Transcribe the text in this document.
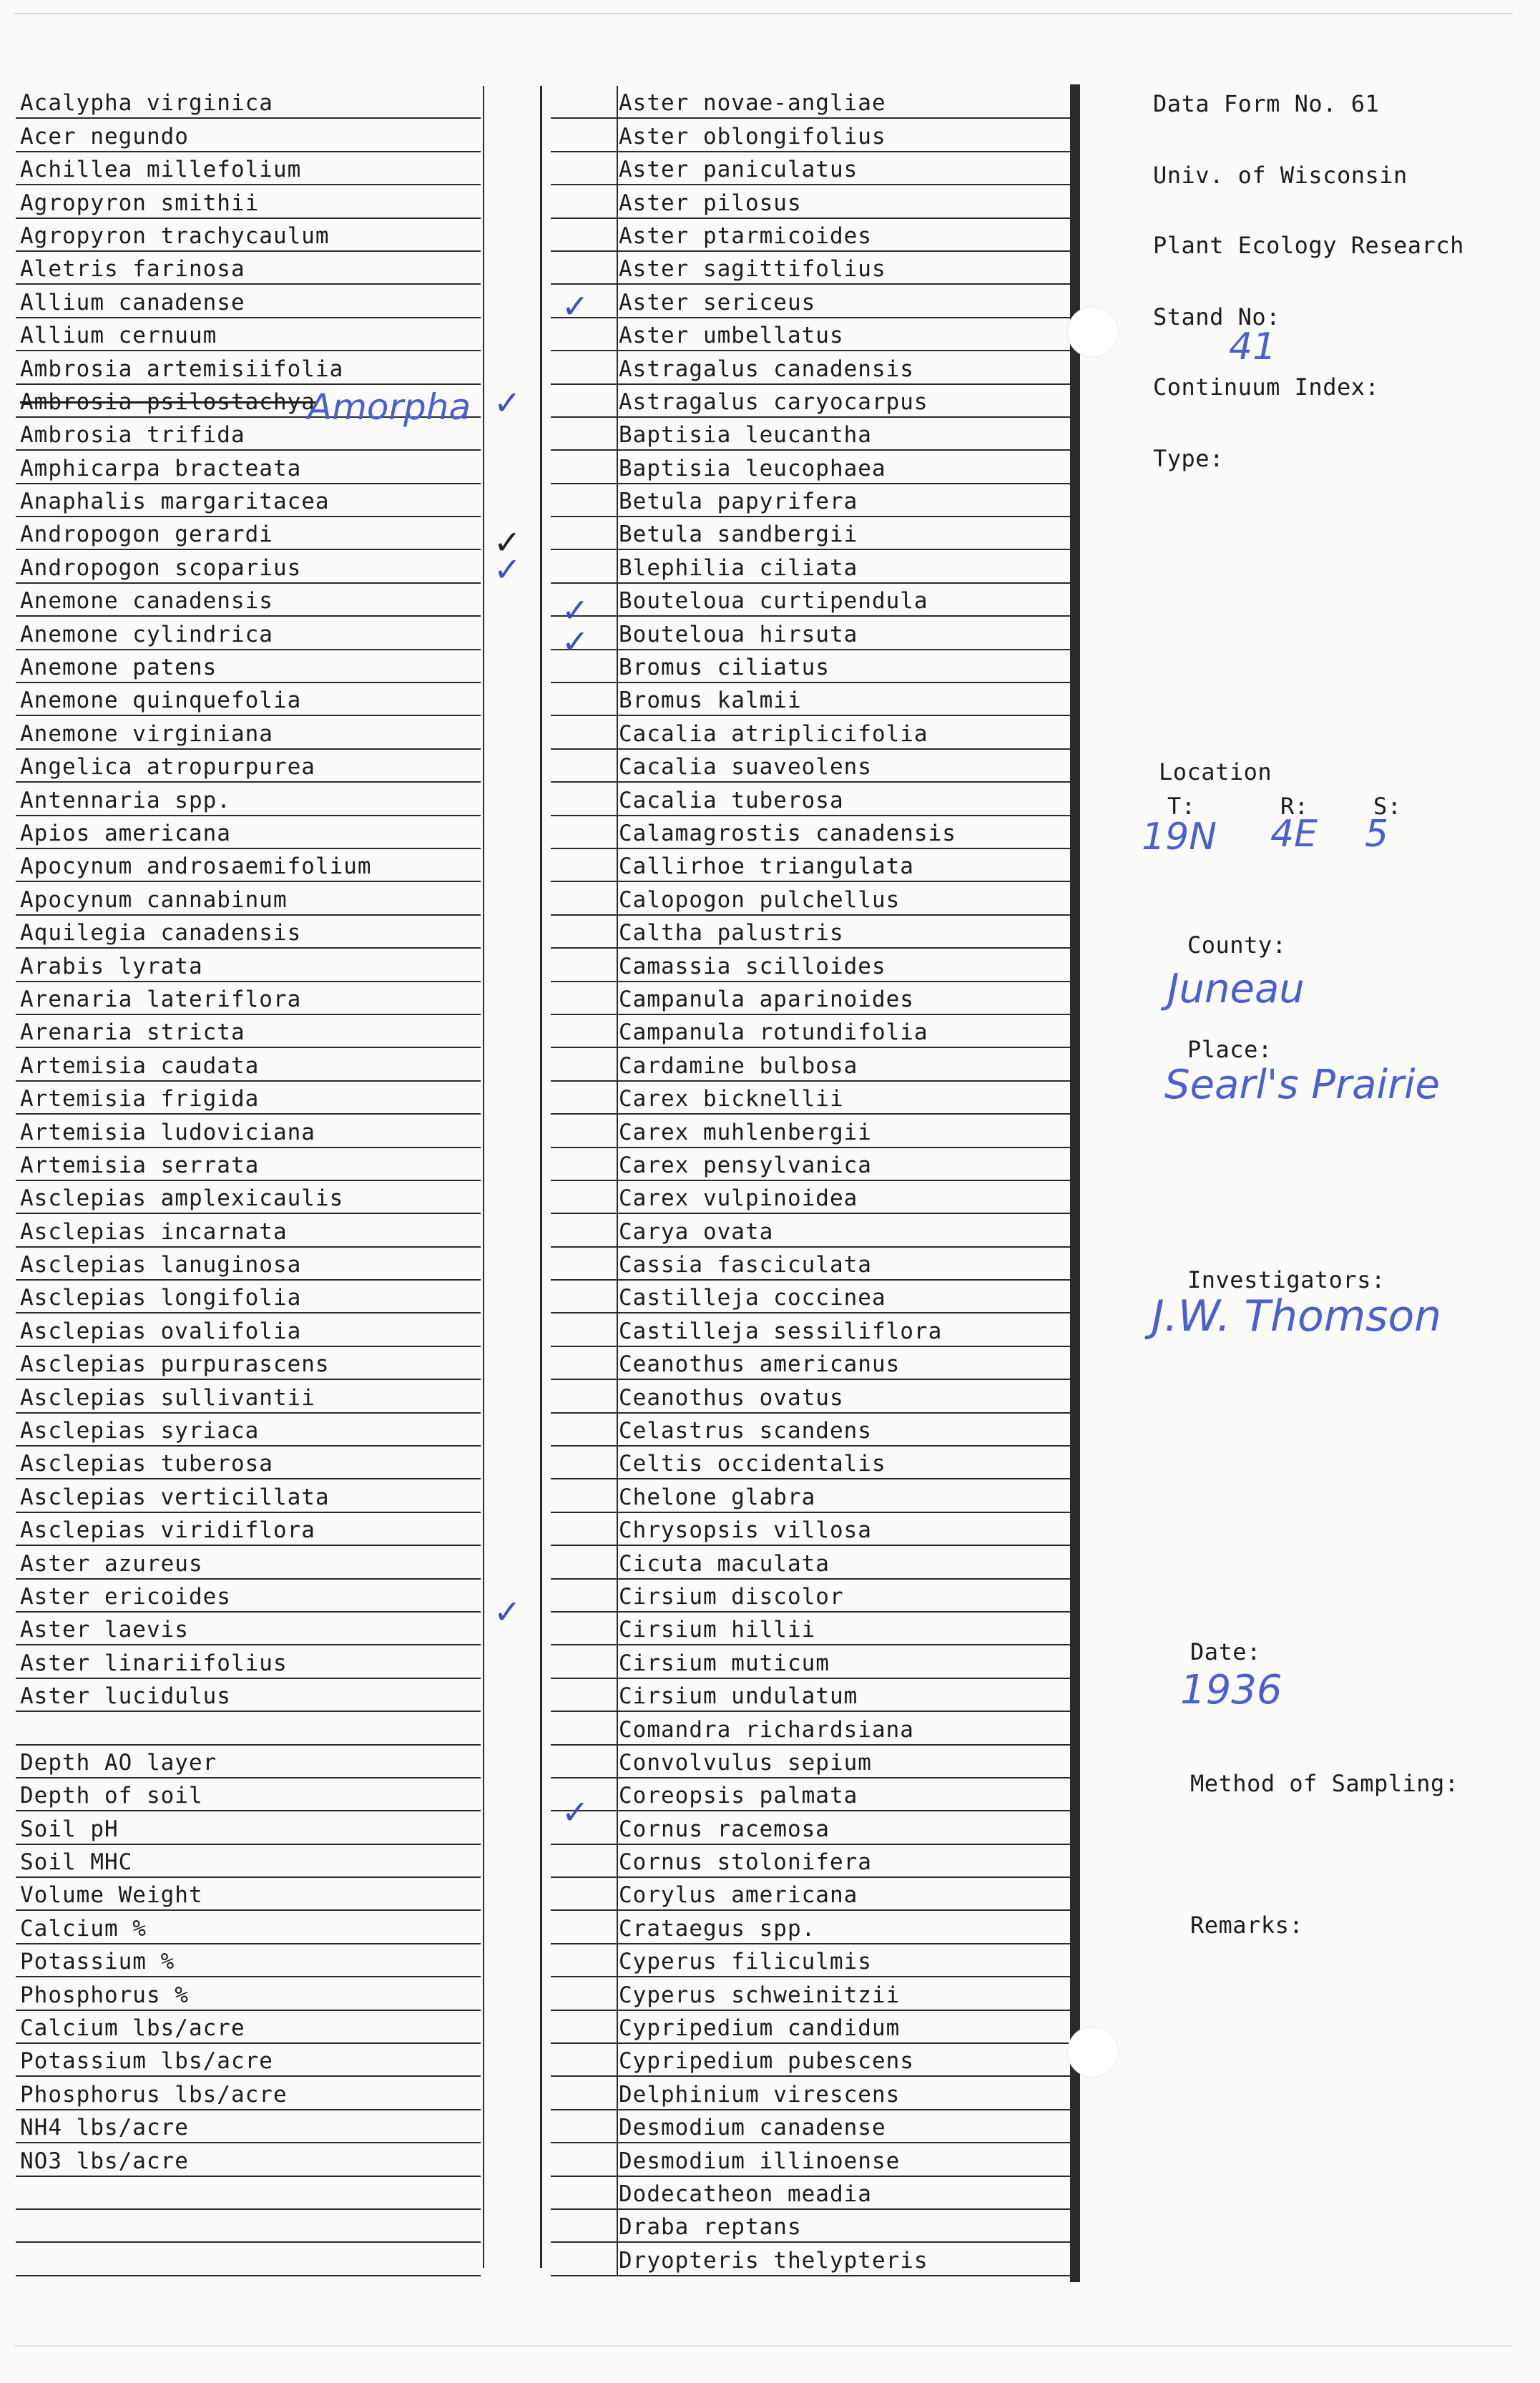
Acalypha virginica
Acer negundo
Achillea millefolium
Agropyron smithii
Agropyron trachycaulum
Aletris farinosa
Allium canadense
Allium cernuum
Ambrosia artemisiifolia
Ambrosia psilostachya
Ambrosia trifida
Amphicarpa bracteata
Anaphalis margaritacea
Andropogon gerardi
Andropogon scoparius
Anemone canadensis
Anemone cylindrica
Anemone patens
Anemone quinquefolia
Anemone virginiana
Angelica atropurpurea
Antennaria spp.
Apios americana
Apocynum androsaemifolium
Apocynum cannabinum
Aquilegia canadensis
Arabis lyrata
Arenaria lateriflora
Arenaria stricta
Artemisia caudata
Artemisia frigida
Artemisia ludoviciana
Artemisia serrata
Asclepias amplexicaulis
Asclepias incarnata
Asclepias lanuginosa
Asclepias longifolia
Asclepias ovalifolia
Asclepias purpurascens
Asclepias sullivantii
Asclepias syriaca
Asclepias tuberosa
Asclepias verticillata
Asclepias viridiflora
Aster azureus
Aster ericoides
Aster laevis
Aster linariifolius
Aster lucidulus
Depth AO layer
Depth of soil
Soil pH
Soil MHC
Volume Weight
Calcium %
Potassium %
Phosphorus %
Calcium lbs/acre
Potassium lbs/acre
Phosphorus lbs/acre
NH4 lbs/acre
NO3 lbs/acre
Aster novae-angliae
Aster oblongifolius
Aster paniculatus
Aster pilosus
Aster ptarmicoides
Aster sagittifolius
Aster sericeus
Aster umbellatus
Astragalus canadensis
Astragalus caryocarpus
Baptisia leucantha
Baptisia leucophaea
Betula papyrifera
Betula sandbergii
Blephilia ciliata
Bouteloua curtipendula
Bouteloua hirsuta
Bromus ciliatus
Bromus kalmii
Cacalia atriplicifolia
Cacalia suaveolens
Cacalia tuberosa
Calamagrostis canadensis
Callirhoe triangulata
Calopogon pulchellus
Caltha palustris
Camassia scilloides
Campanula aparinoides
Campanula rotundifolia
Cardamine bulbosa
Carex bicknellii
Carex muhlenbergii
Carex pensylvanica
Carex vulpinoidea
Carya ovata
Cassia fasciculata
Castilleja coccinea
Castilleja sessiliflora
Ceanothus americanus
Ceanothus ovatus
Celastrus scandens
Celtis occidentalis
Chelone glabra
Chrysopsis villosa
Cicuta maculata
Cirsium discolor
Cirsium hillii
Cirsium muticum
Cirsium undulatum
Comandra richardsiana
Convolvulus sepium
Coreopsis palmata
Cornus racemosa
Cornus stolonifera
Corylus americana
Crataegus spp.
Cyperus filiculmis
Cyperus schweinitzii
Cypripedium candidum
Cypripedium pubescens
Delphinium virescens
Desmodium canadense
Desmodium illinoense
Dodecatheon meadia
Draba reptans
Dryopteris thelypteris
Amorpha ✓
✓
✓
✓
✓
✓
✓
✓
Data Form No. 61
Univ. of Wisconsin
Plant Ecology Research
Stand No:
41
Continuum Index:
Type:
Location
T:	R:	S:
19N 4E 5
County:
Juneau
Place:
Searl's Prairie
Investigators:
J.W. Thomson
Date:
1936
Method of Sampling:
Remarks:
